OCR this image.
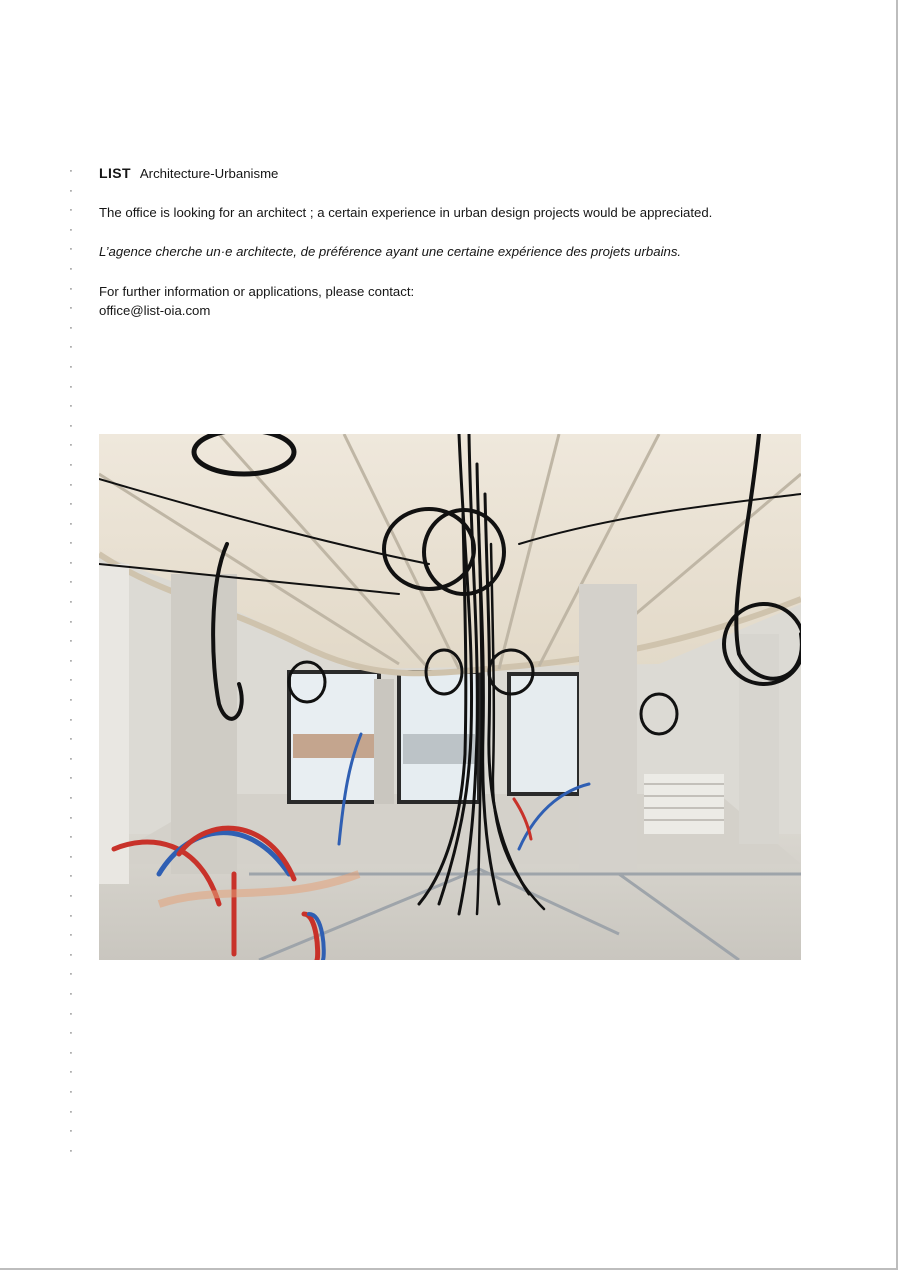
·
·
·
·
·
·
·
·
·
·
·
·
·
·
·
·
·
·
·
·
·
·
·
·
·
·
·
·
·
·
·
·
·
·
·
·
·
·
·
·
·
·
·
·
·
·
·
·
·
·
·

LIST Architecture-Urbanisme

The office is looking for an architect ; a certain experience in urban design projects would be appreciated.

L’agence cherche un·e architecte, de préférence ayant une certaine expérience des projets urbains.

For further information or applications, please contact:

office@list-oia.com
